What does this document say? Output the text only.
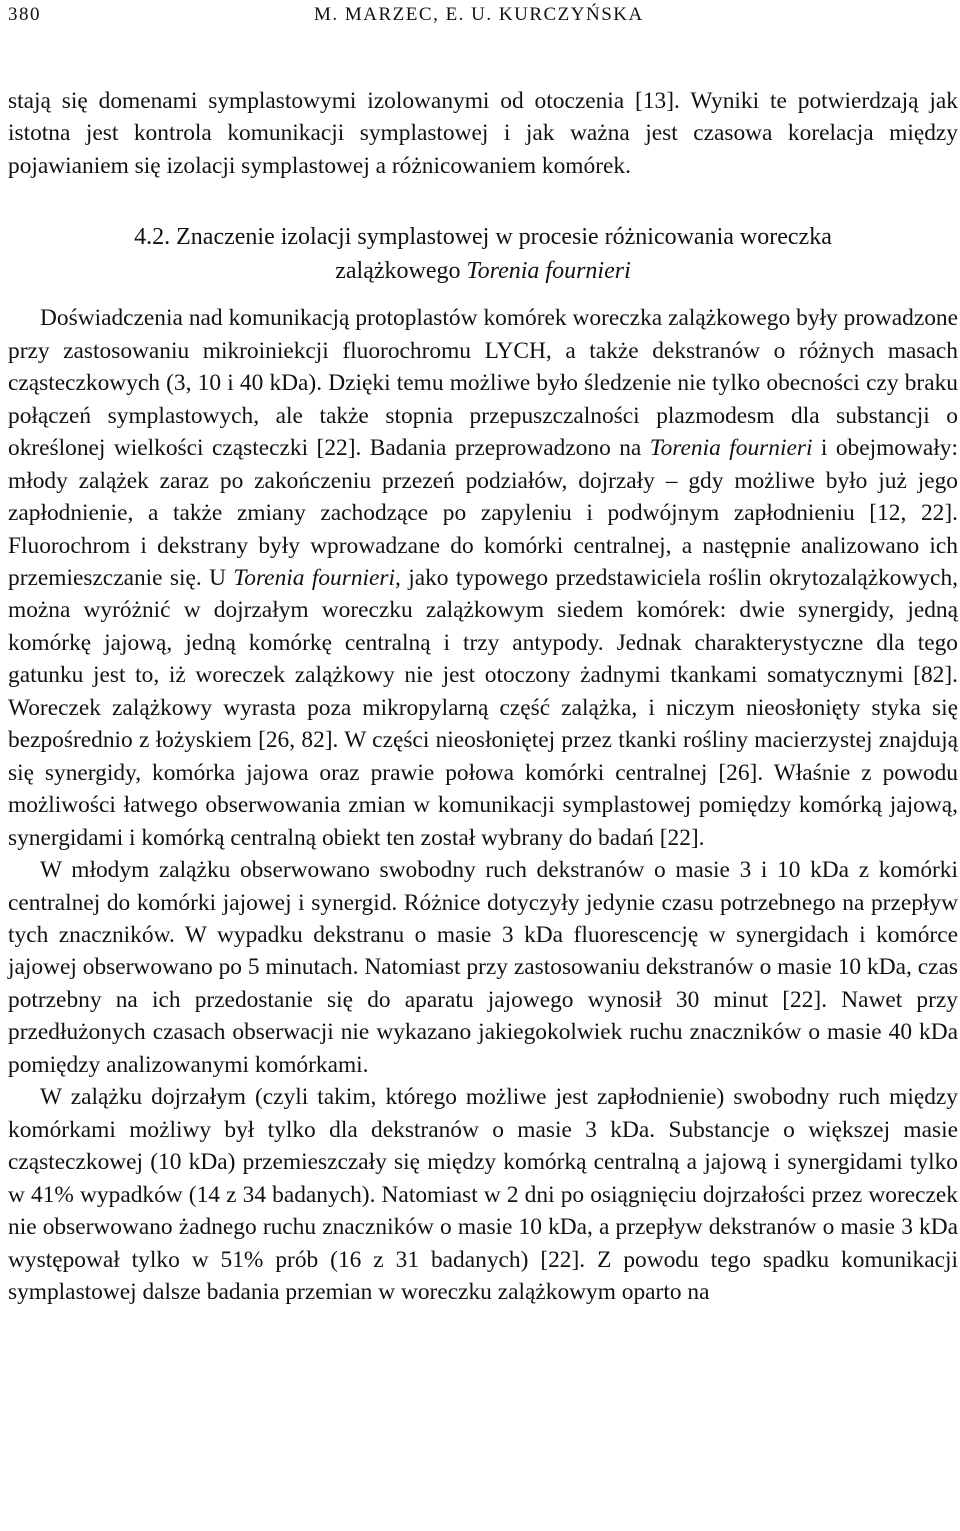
380	M. MARZEC, E. U. KURCZYŃSKA

stają się domenami symplastowymi izolowanymi od otoczenia [13]. Wyniki te potwierdzają jak istotna jest kontrola komunikacji symplastowej i jak ważna jest czasowa korelacja między pojawianiem się izolacji symplastowej a różnicowaniem komórek.

4.2. Znaczenie izolacji symplastowej w procesie różnicowania woreczka
zalążkowego Torenia fournieri

Doświadczenia nad komunikacją protoplastów komórek woreczka zalążkowego były prowadzone przy zastosowaniu mikroiniekcji fluorochromu LYCH, a także dekstranów o różnych masach cząsteczkowych (3, 10 i 40 kDa). Dzięki temu możliwe było śledzenie nie tylko obecności czy braku połączeń symplastowych, ale także stopnia przepuszczalności plazmodesm dla substancji o określonej wielkości cząsteczki [22]. Badania przeprowadzono na Torenia fournieri i obejmowały: młody zalążek zaraz po zakończeniu przezeń podziałów, dojrzały – gdy możliwe było już jego zapłodnienie, a także zmiany zachodzące po zapyleniu i podwójnym zapłodnieniu [12, 22]. Fluorochrom i dekstrany były wprowadzane do komórki centralnej, a następnie analizowano ich przemieszczanie się. U Torenia fournieri, jako typowego przedstawiciela roślin okrytozalążkowych, można wyróżnić w dojrzałym woreczku zalążkowym siedem komórek: dwie synergidy, jedną komórkę jajową, jedną komórkę centralną i trzy antypody. Jednak charakterystyczne dla tego gatunku jest to, iż woreczek zalążkowy nie jest otoczony żadnymi tkankami somatycznymi [82]. Woreczek zalążkowy wyrasta poza mikropylarną część zalążka, i niczym nieosłonięty styka się bezpośrednio z łożyskiem [26, 82]. W części nieosłoniętej przez tkanki rośliny macierzystej znajdują się synergidy, komórka jajowa oraz prawie połowa komórki centralnej [26]. Właśnie z powodu możliwości łatwego obserwowania zmian w komunikacji symplastowej pomiędzy komórką jajową, synergidami i komórką centralną obiekt ten został wybrany do badań [22].

W młodym zalążku obserwowano swobodny ruch dekstranów o masie 3 i 10 kDa z komórki centralnej do komórki jajowej i synergid. Różnice dotyczyły jedynie czasu potrzebnego na przepływ tych znaczników. W wypadku dekstranu o masie 3 kDa fluorescencję w synergidach i komórce jajowej obserwowano po 5 minutach. Natomiast przy zastosowaniu dekstranów o masie 10 kDa, czas potrzebny na ich przedostanie się do aparatu jajowego wynosił 30 minut [22]. Nawet przy przedłużonych czasach obserwacji nie wykazano jakiegokolwiek ruchu znaczników o masie 40 kDa pomiędzy analizowanymi komórkami.

W zalążku dojrzałym (czyli takim, którego możliwe jest zapłodnienie) swobodny ruch między komórkami możliwy był tylko dla dekstranów o masie 3 kDa. Substancje o większej masie cząsteczkowej (10 kDa) przemieszczały się między komórką centralną a jajową i synergidami tylko w 41% wypadków (14 z 34 badanych). Natomiast w 2 dni po osiągnięciu dojrzałości przez woreczek nie obserwowano żadnego ruchu znaczników o masie 10 kDa, a przepływ dekstranów o masie 3 kDa występował tylko w 51% prób (16 z 31 badanych) [22]. Z powodu tego spadku komunikacji symplastowej dalsze badania przemian w woreczku zalążkowym oparto na
